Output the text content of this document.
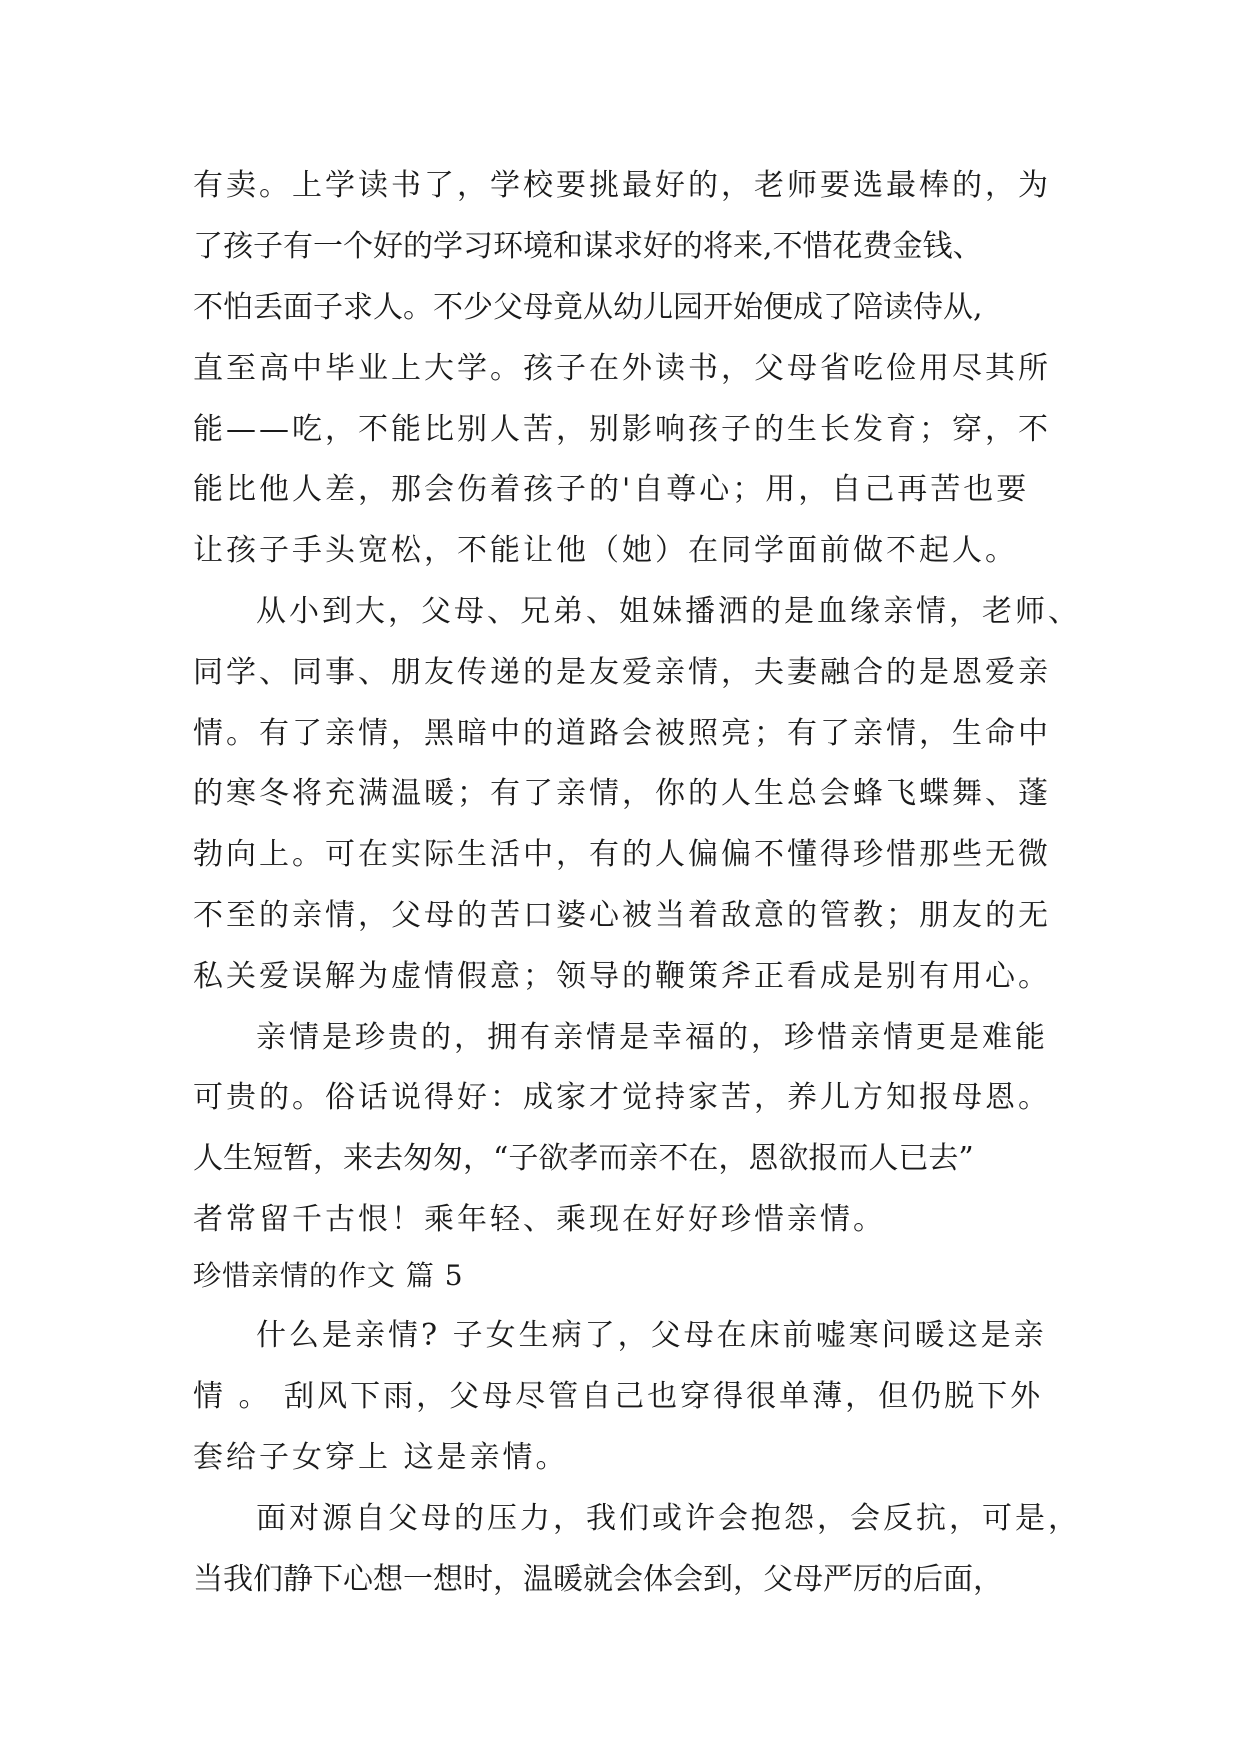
有卖。上学读书了，学校要挑最好的，老师要选最棒的，为
了孩子有一个好的学习环境和谋求好的将来,不惜花费金钱、
不怕丢面子求人。不少父母竟从幼儿园开始便成了陪读侍从,
直至高中毕业上大学。孩子在外读书，父母省吃俭用尽其所
能——吃，不能比别人苦，别影响孩子的生长发育；穿，不
能比他人差，那会伤着孩子的'自尊心；用，自己再苦也要
让孩子手头宽松，不能让他（她）在同学面前做不起人。
从小到大，父母、兄弟、姐妹播洒的是血缘亲情，老师、
同学、同事、朋友传递的是友爱亲情，夫妻融合的是恩爱亲
情。有了亲情，黑暗中的道路会被照亮；有了亲情，生命中
的寒冬将充满温暖；有了亲情，你的人生总会蜂飞蝶舞、蓬
勃向上。可在实际生活中，有的人偏偏不懂得珍惜那些无微
不至的亲情，父母的苦口婆心被当着敌意的管教；朋友的无
私关爱误解为虚情假意；领导的鞭策斧正看成是别有用心。
亲情是珍贵的，拥有亲情是幸福的，珍惜亲情更是难能
可贵的。俗话说得好：成家才觉持家苦，养儿方知报母恩。
人生短暂，来去匆匆，“子欲孝而亲不在，恩欲报而人已去”
者常留千古恨！乘年轻、乘现在好好珍惜亲情。
珍惜亲情的作文 篇 5
什么是亲情? 子女生病了，父母在床前嘘寒问暖这是亲
情 。 刮风下雨，父母尽管自己也穿得很单薄，但仍脱下外
套给子女穿上 这是亲情。
面对源自父母的压力，我们或许会抱怨，会反抗，可是，
当我们静下心想一想时，温暖就会体会到，父母严厉的后面，
